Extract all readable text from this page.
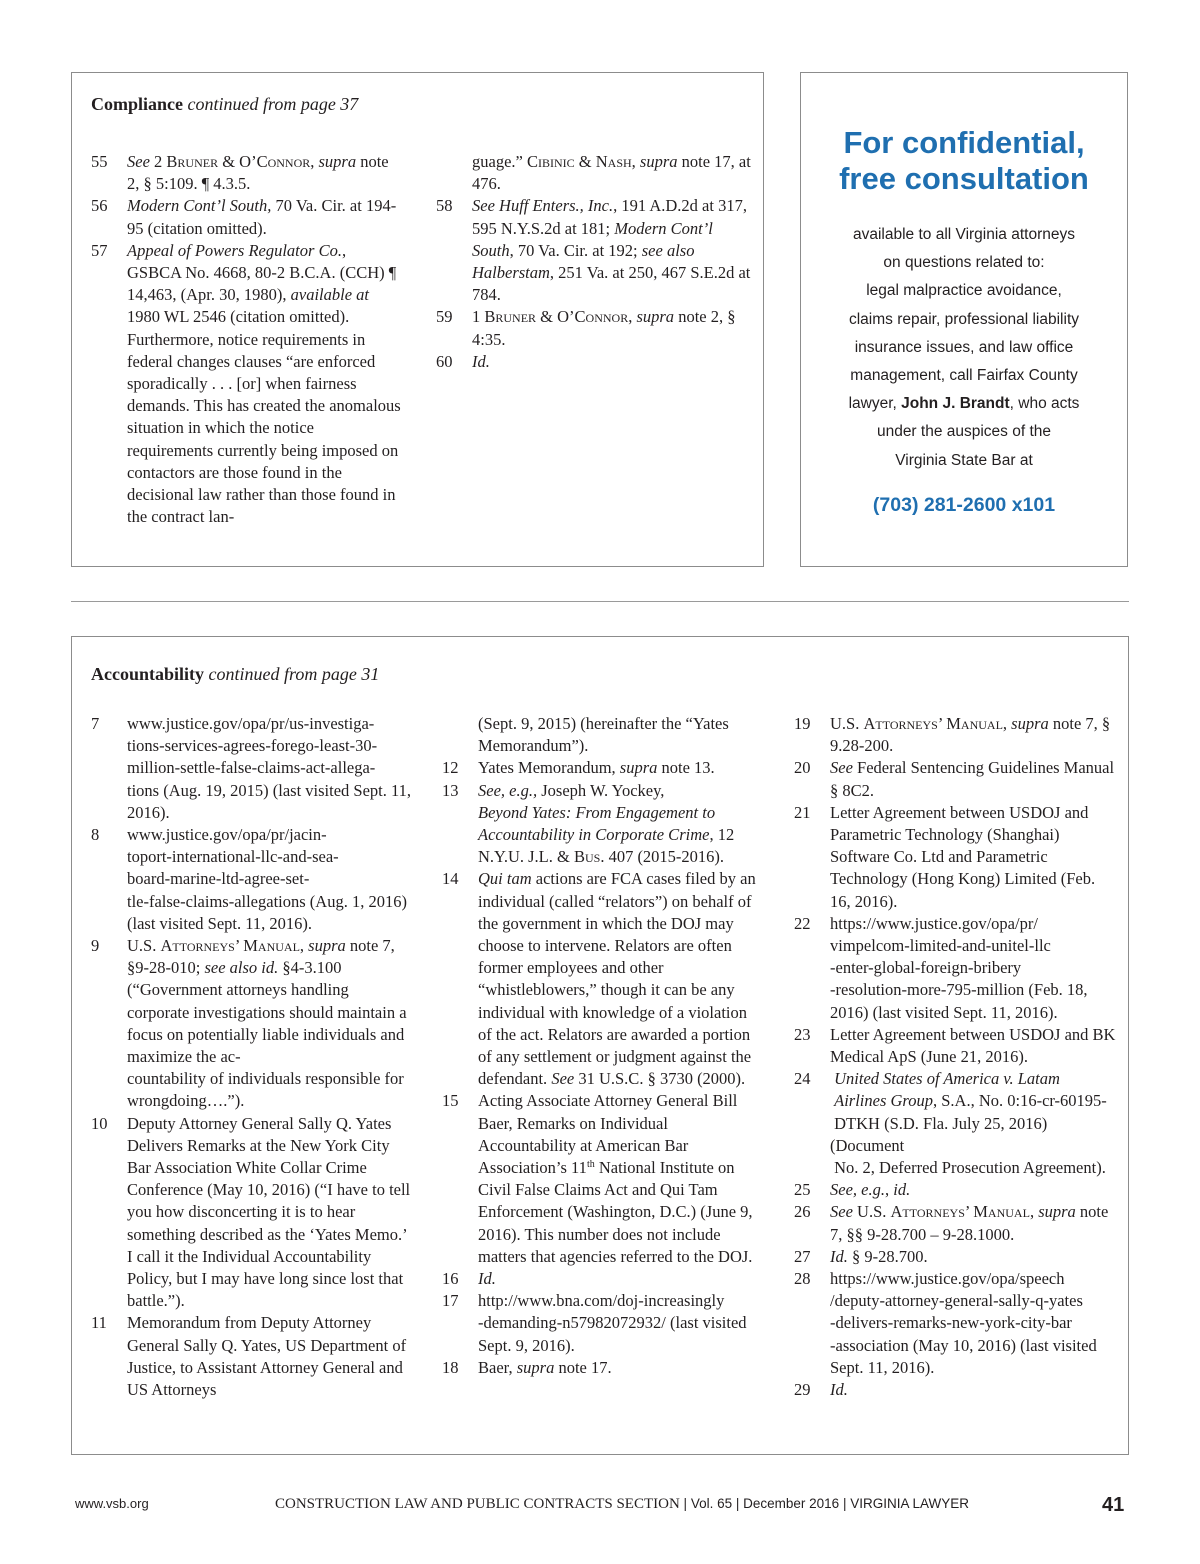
Compliance continued from page 37
55	See 2 Bruner & O’Connor, supra note 2, § 5:109. ¶ 4.3.5.
56	Modern Cont’l South, 70 Va. Cir. at 194-95 (citation omitted).
57	Appeal of Powers Regulator Co., GSBCA No. 4668, 80-2 B.C.A. (CCH) ¶ 14,463, (Apr. 30, 1980), available at 1980 WL 2546 (citation omitted). Furthermore, notice requirements in federal changes clauses “are enforced sporadically . . . [or] when fairness demands. This has created the anomalous situation in which the notice requirements currently being imposed on contactors are those found in the decisional law rather than those found in the contract lan-
guage.” Cibinic & Nash, supra note 17, at 476.
58	See Huff Enters., Inc., 191 A.D.2d at 317, 595 N.Y.S.2d at 181; Modern Cont’l South, 70 Va. Cir. at 192; see also Halberstam, 251 Va. at 250, 467 S.E.2d at 784.
59	1 Bruner & O’Connor, supra note 2, § 4:35.
60	Id.
For confidential,
free consultation
available to all Virginia attorneys
on questions related to:
legal malpractice avoidance,
claims repair, professional liability
insurance issues, and law office
management, call Fairfax County
lawyer, John J. Brandt, who acts
under the auspices of the
Virginia State Bar at
(703) 281-2600 x101
Accountability continued from page 31
7	www.justice.gov/opa/pr/us-investiga-
tions-services-agrees-forego-least-30-
million-settle-false-claims-act-allega-
tions (Aug. 19, 2015) (last visited Sept. 11, 2016).
8	www.justice.gov/opa/pr/jacin-
toport-international-llc-and-sea-
board-marine-ltd-agree-set-
tle-false-claims-allegations (Aug. 1, 2016) (last visited Sept. 11, 2016).
9	U.S. Attorneys’ Manual, supra note 7, §9-28-010; see also id. §4-3.100 (“Government attorneys handling corporate investigations should maintain a focus on potentially liable individuals and maximize the ac-
countability of individuals responsible for wrongdoing….”).
10	Deputy Attorney General Sally Q. Yates Delivers Remarks at the New York City Bar Association White Collar Crime Conference (May 10, 2016) (“I have to tell you how disconcerting it is to hear something described as the ‘Yates Memo.’ I call it the Individual Accountability Policy, but I may have long since lost that battle.”).
11	Memorandum from Deputy Attorney General Sally Q. Yates, US Department of Justice, to Assistant Attorney General and US Attorneys
(Sept. 9, 2015) (hereinafter the “Yates Memorandum”).
12	Yates Memorandum, supra note 13.
13	See, e.g., Joseph W. Yockey,
Beyond Yates: From Engagement to Accountability in Corporate Crime, 12 N.Y.U. J.L. & Bus. 407 (2015-2016).
14	Qui tam actions are FCA cases filed by an individual (called “relators”) on behalf of the government in which the DOJ may choose to intervene. Relators are often former employees and other “whistleblowers,” though it can be any individual with knowledge of a violation of the act. Relators are awarded a portion of any settlement or judgment against the defendant. See 31 U.S.C. § 3730 (2000).
15	Acting Associate Attorney General Bill Baer, Remarks on Individual Accountability at American Bar Association’s 11th National Institute on Civil False Claims Act and Qui Tam Enforcement (Washington, D.C.) (June 9, 2016). This number does not include matters that agencies referred to the DOJ.
16	Id.
17	http://www.bna.com/doj-increasingly
-demanding-n57982072932/ (last visited Sept. 9, 2016).
18	Baer, supra note 17.
19	U.S. Attorneys’ Manual, supra note 7, § 9.28-200.
20	See Federal Sentencing Guidelines Manual § 8C2.
21	Letter Agreement between USDOJ and Parametric Technology (Shanghai) Software Co. Ltd and Parametric Technology (Hong Kong) Limited (Feb. 16, 2016).
22	https://www.justice.gov/opa/pr/
vimpelcom-limited-and-unitel-llc
-enter-global-foreign-bribery
-resolution-more-795-million (Feb. 18, 2016) (last visited Sept. 11, 2016).
23	Letter Agreement between USDOJ and BK Medical ApS (June 21, 2016).
24	United States of America v. Latam
Airlines Group, S.A., No. 0:16-cr-60195-
DTKH (S.D. Fla. July 25, 2016) (Document
No. 2, Deferred Prosecution Agreement).
25	See, e.g., id.
26	See U.S. Attorneys’ Manual, supra note 7, §§ 9-28.700 – 9-28.1000.
27	Id. § 9-28.700.
28	https://www.justice.gov/opa/speech
/deputy-attorney-general-sally-q-yates
-delivers-remarks-new-york-city-bar
-association (May 10, 2016) (last visited Sept. 11, 2016).
29	Id.
www.vsb.org	CONSTRUCTION LAW AND PUBLIC CONTRACTS SECTION | Vol. 65 | December 2016 | VIRGINIA LAWYER	41
